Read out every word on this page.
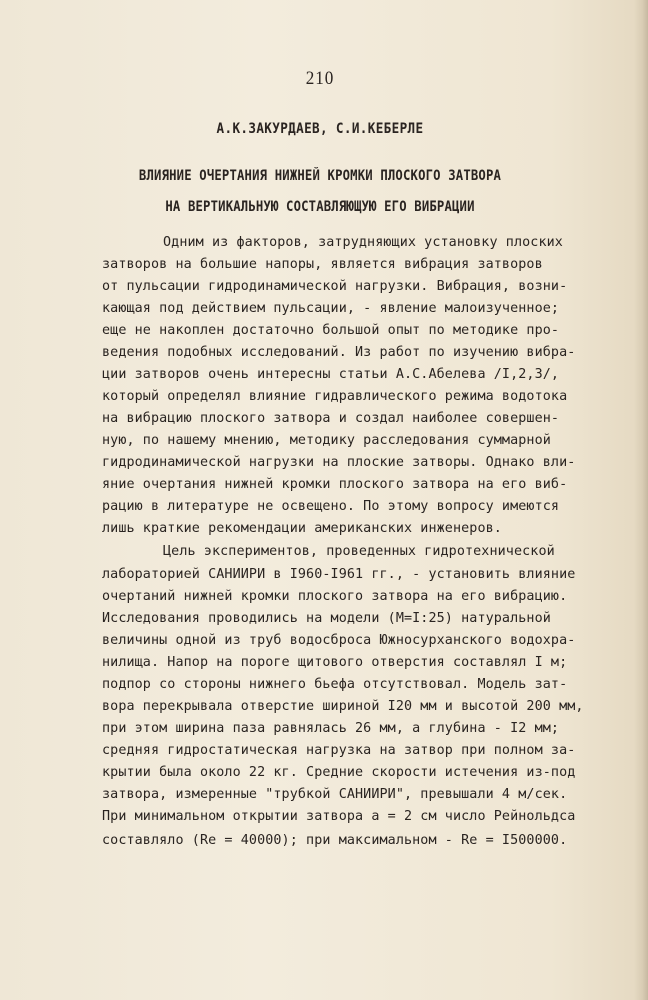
210
А.К.ЗАКУРДАЕВ, С.И.КЕБЕРЛЕ
ВЛИЯНИЕ ОЧЕРТАНИЯ НИЖНЕЙ КРОМКИ ПЛОСКОГО ЗАТВОРА
НА ВЕРТИКАЛЬНУЮ СОСТАВЛЯЮЩУЮ ЕГО ВИБРАЦИИ
Одним из факторов, затрудняющих установку плоских
затворов на большие напоры, является вибрация затворов
от пульсации гидродинамической нагрузки. Вибрация, возни-
кающая под действием пульсации, - явление малоизученное;
еще не накоплен достаточно большой опыт по методике про-
ведения подобных исследований. Из работ по изучению вибра-
ции затворов очень интересны статьи А.С.Абелева /I,2,3/,
который определял влияние гидравлического режима водотока
на вибрацию плоского затвора и создал наиболее совершен-
ную, по нашему мнению, методику расследования суммарной
гидродинамической нагрузки на плоские затворы. Однако вли-
яние очертания нижней кромки плоского затвора на его виб-
рацию в литературе не освещено. По этому вопросу имеются
лишь краткие рекомендации американских инженеров.
Цель экспериментов, проведенных гидротехнической
лабораторией САНИИРИ в I960-I961 гг., - установить влияние
очертаний нижней кромки плоского затвора на его вибрацию.
Исследования проводились на модели (M=I:25) натуральной
величины одной из труб водосброса Южносурханского водохра-
нилища. Напор на пороге щитового отверстия составлял I м;
подпор со стороны нижнего бьефа отсутствовал. Модель зат-
вора перекрывала отверстие шириной I20 мм и высотой 200 мм,
при этом ширина паза равнялась 26 мм, а глубина - I2 мм;
средняя гидростатическая нагрузка на затвор при полном за-
крытии была около 22 кг. Средние скорости истечения из-под
затвора, измеренные "трубкой САНИИРИ", превышали 4 м/сек.
При минимальном открытии затвора a = 2 см число Рейнольдса
составляло (Re = 40000); при максимальном - Re = I500000.
